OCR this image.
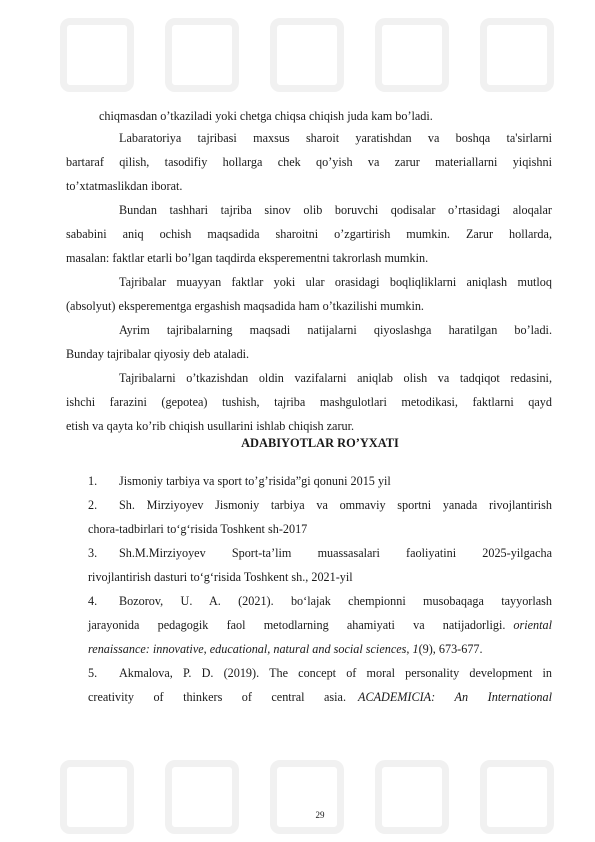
chiqmasdan o’tkaziladi yoki chetga chiqsa chiqish juda kam bo’ladi.
Labaratoriya tajribasi maxsus sharoit yaratishdan va boshqa ta'sirlarni
bartaraf qilish, tasodifiy hollarga chek qo’yish va zarur materiallarni yiqishni
to’xtatmaslikdan iborat.
Bundan tashhari tajriba sinov olib boruvchi qodisalar o’rtasidagi aloqalar
sababini aniq ochish maqsadida sharoitni o’zgartirish mumkin. Zarur hollarda,
masalan: faktlar etarli bo’lgan taqdirda eksperementni takrorlash mumkin.
Tajribalar muayyan faktlar yoki ular orasidagi boqliqliklarni aniqlash mutloq
(absolyut) eksperementga ergashish maqsadida ham o’tkazilishi mumkin.
Ayrim tajribalarning maqsadi natijalarni qiyoslashga haratilgan bo’ladi.
Bunday tajribalar qiyosiy deb ataladi.
Tajribalarni o’tkazishdan oldin vazifalarni aniqlab olish va tadqiqot redasini,
ishchi farazini (gepotea) tushish, tajriba mashgulotlari metodikasi, faktlarni qayd
etish va qayta ko’rib chiqish usullarini ishlab chiqish zarur.
ADABIYOTLAR RO’YXATI
1. Jismoniy tarbiya va sport to’g’risida”gi qonuni 2015 yil
2. Sh. Mirziyoyev Jismoniy tarbiya va ommaviy sportni yanada rivojlantirish
chora-tadbirlari to‘g‘risida Toshkent sh-2017
3. Sh.M.Mirziyoyev Sport-ta’lim muassasalari faoliyatini 2025-yilgacha
rivojlantirish dasturi to‘g‘risida Toshkent sh., 2021-yil
4. Bozorov, U. A. (2021). bo‘lajak chempionni musobaqaga tayyorlash
jarayonida pedagogik faol metodlarning ahamiyati va natijadorligi. oriental
renaissance: innovative, educational, natural and social sciences, 1(9), 673-677.
5. Akmalova, P. D. (2019). The concept of moral personality development in
creativity of thinkers of central asia. ACADEMICIA: An International
29
